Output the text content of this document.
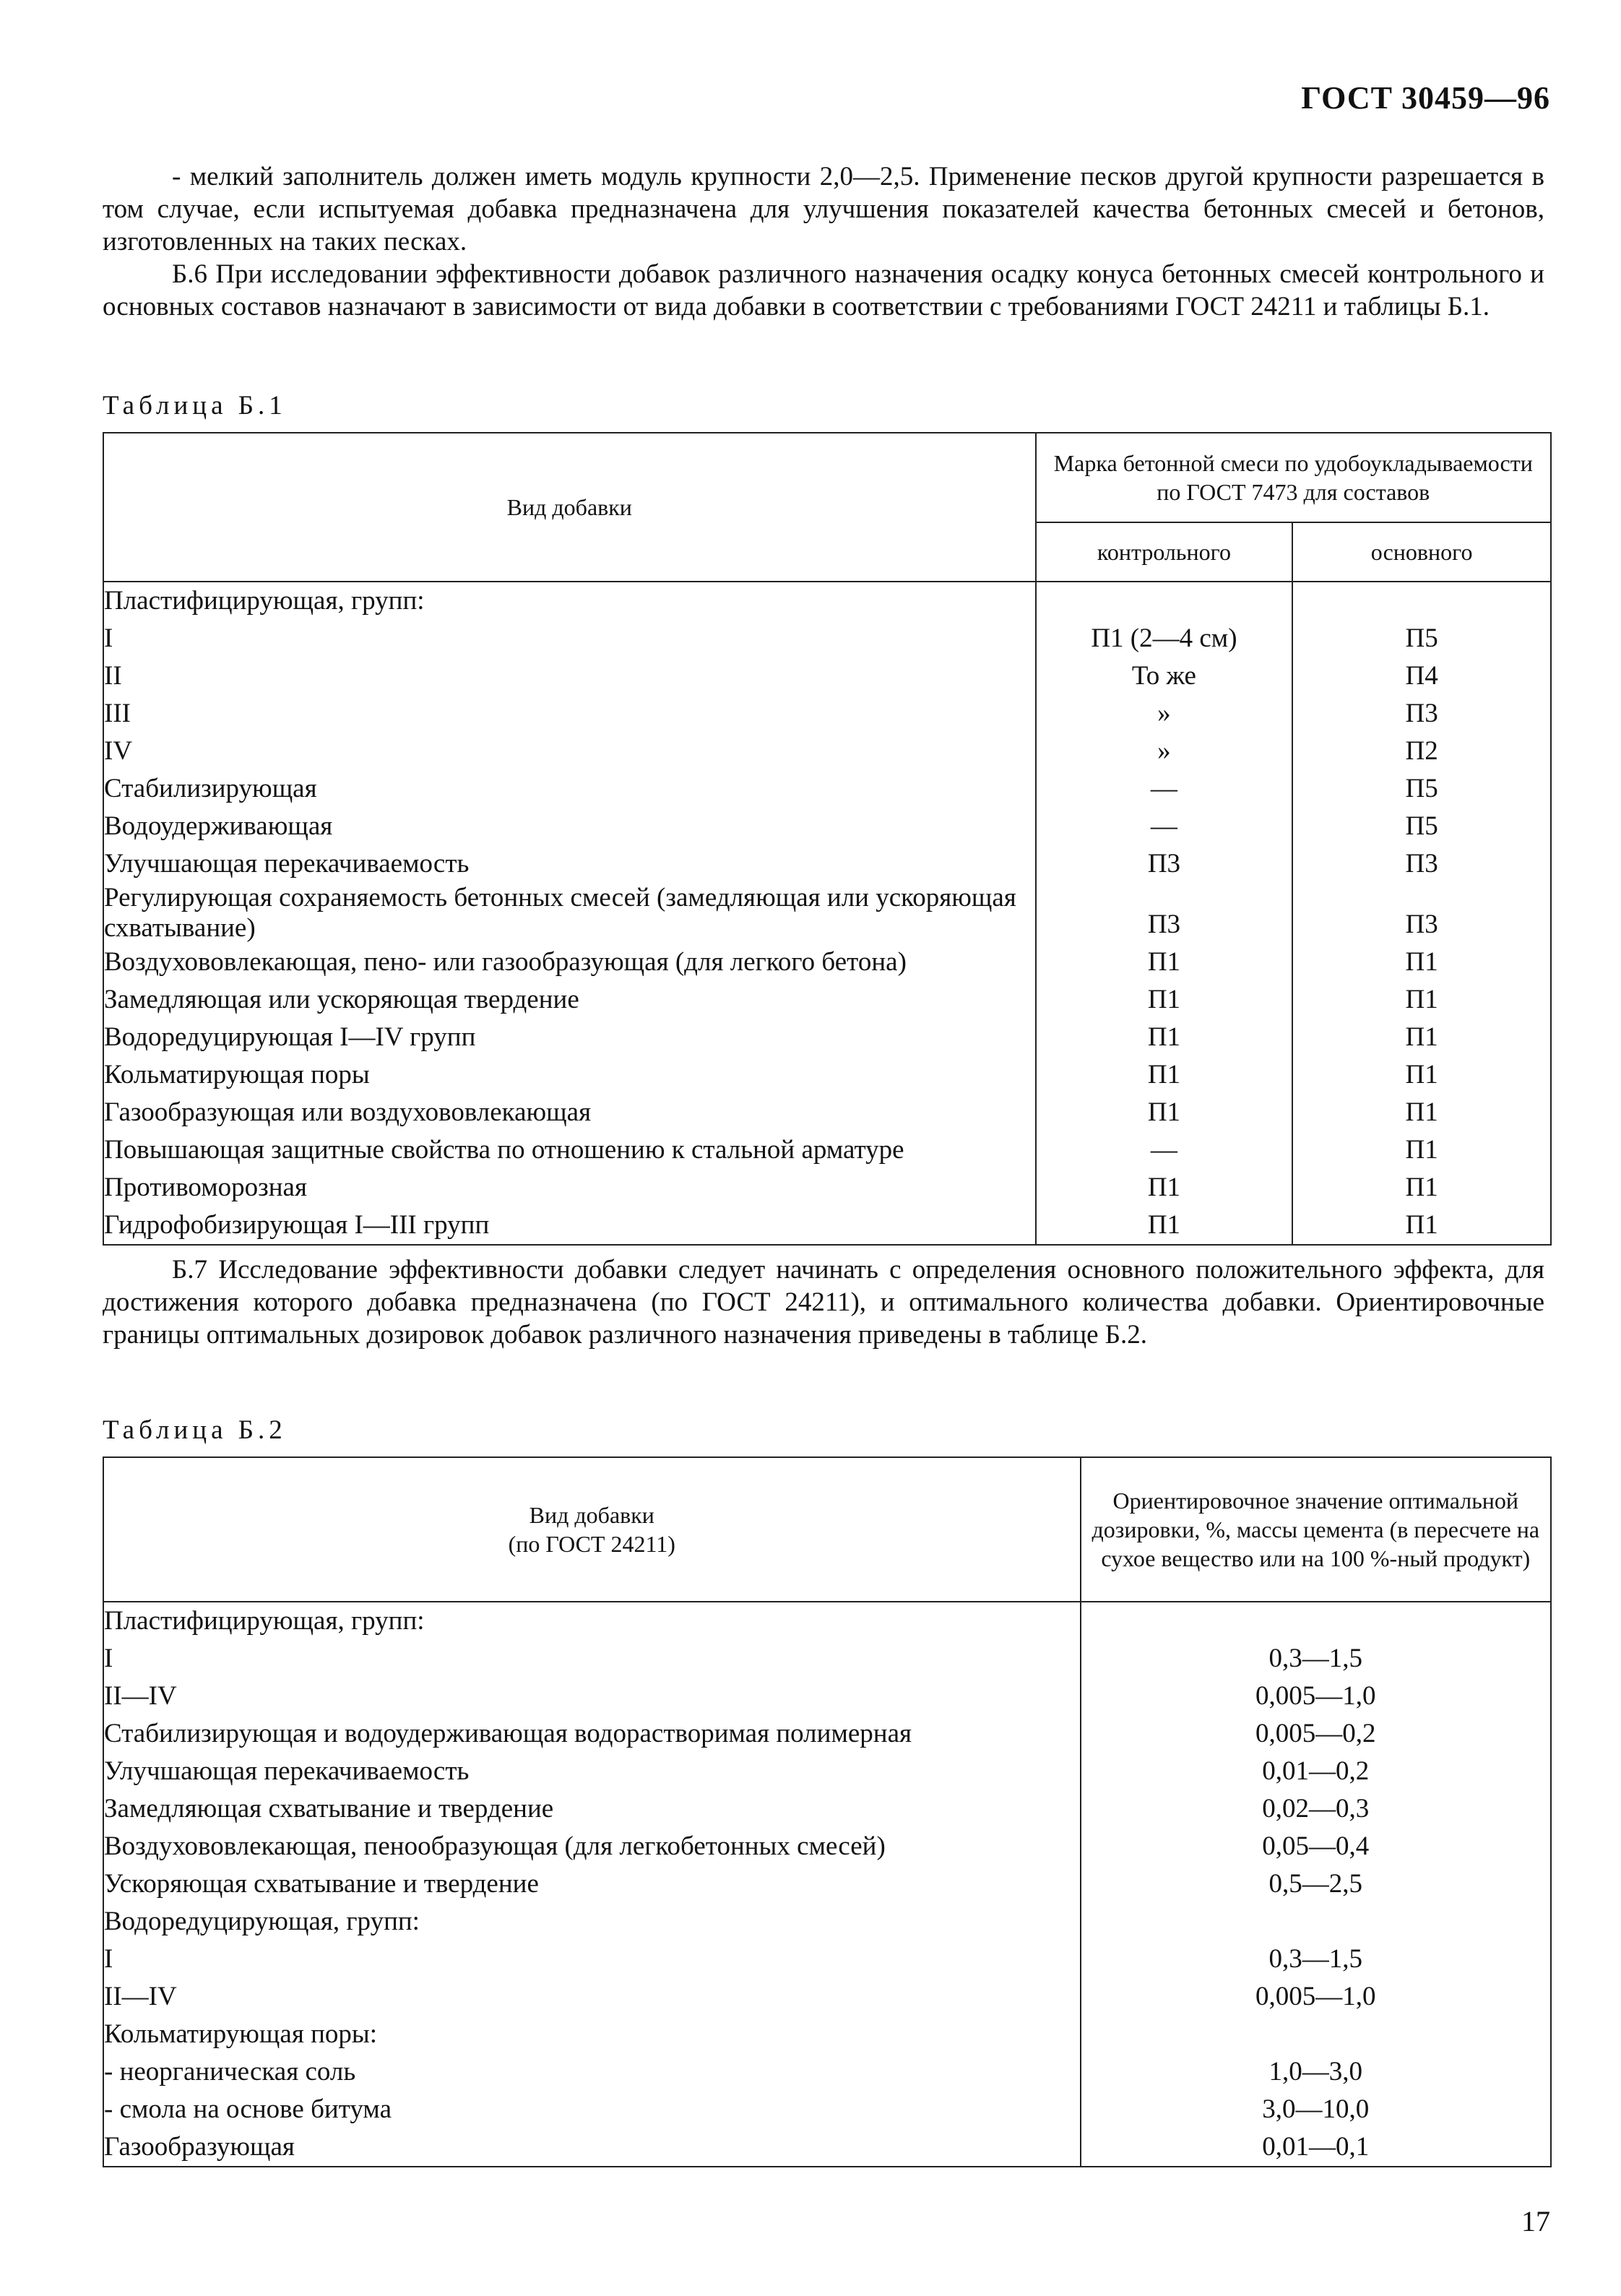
ГОСТ 30459—96
- мелкий заполнитель должен иметь модуль крупности 2,0—2,5. Применение песков другой крупности разрешается в том случае, если испытуемая добавка предназначена для улучшения показателей качества бетонных смесей и бетонов, изготовленных на таких песках.
Б.6 При исследовании эффективности добавок различного назначения осадку конуса бетонных смесей контрольного и основных составов назначают в зависимости от вида добавки в соответствии с требованиями ГОСТ 24211 и таблицы Б.1.
Таблица Б.1
Вид добавки	Марка бетонной смеси по удобоукладываемости по ГОСТ 7473 для составов	
	контрольного	основного
Пластифицирующая, групп:		
I	П1 (2—4 см)	П5
II	То же	П4
III	»	П3
IV	»	П2
Стабилизирующая	—	П5
Водоудерживающая	—	П5
Улучшающая перекачиваемость	П3	П3
Регулирующая сохраняемость бетонных смесей (замедляющая или ускоряющая схватывание)	П3	П3
Воздухововлекающая, пено- или газообразующая (для легкого бетона)	П1	П1
Замедляющая или ускоряющая твердение	П1	П1
Водоредуцирующая I—IV групп	П1	П1
Кольматирующая поры	П1	П1
Газообразующая или воздухововлекающая	П1	П1
Повышающая защитные свойства по отношению к стальной арматуре	—	П1
Противоморозная	П1	П1
Гидрофобизирующая I—III групп	П1	П1
Б.7 Исследование эффективности добавки следует начинать с определения основного положительного эффекта, для достижения которого добавка предназначена (по ГОСТ 24211), и оптимального количества добавки. Ориентировочные границы оптимальных дозировок добавок различного назначения приведены в таблице Б.2.
Таблица Б.2
Вид добавки
(по ГОСТ 24211)	Ориентировочное значение оптимальной дозировки, %, массы цемента (в пересчете на сухое вещество или на 100 %-ный продукт)
Пластифицирующая, групп:	
I	0,3—1,5
II—IV	0,005—1,0
Стабилизирующая и водоудерживающая водорастворимая полимерная	0,005—0,2
Улучшающая перекачиваемость	0,01—0,2
Замедляющая схватывание и твердение	0,02—0,3
Воздухововлекающая, пенообразующая (для легкобетонных смесей)	0,05—0,4
Ускоряющая схватывание и твердение	0,5—2,5
Водоредуцирующая, групп:	
I	0,3—1,5
II—IV	0,005—1,0
Кольматирующая поры:	
- неорганическая соль	1,0—3,0
- смола на основе битума	3,0—10,0
Газообразующая	0,01—0,1
17
